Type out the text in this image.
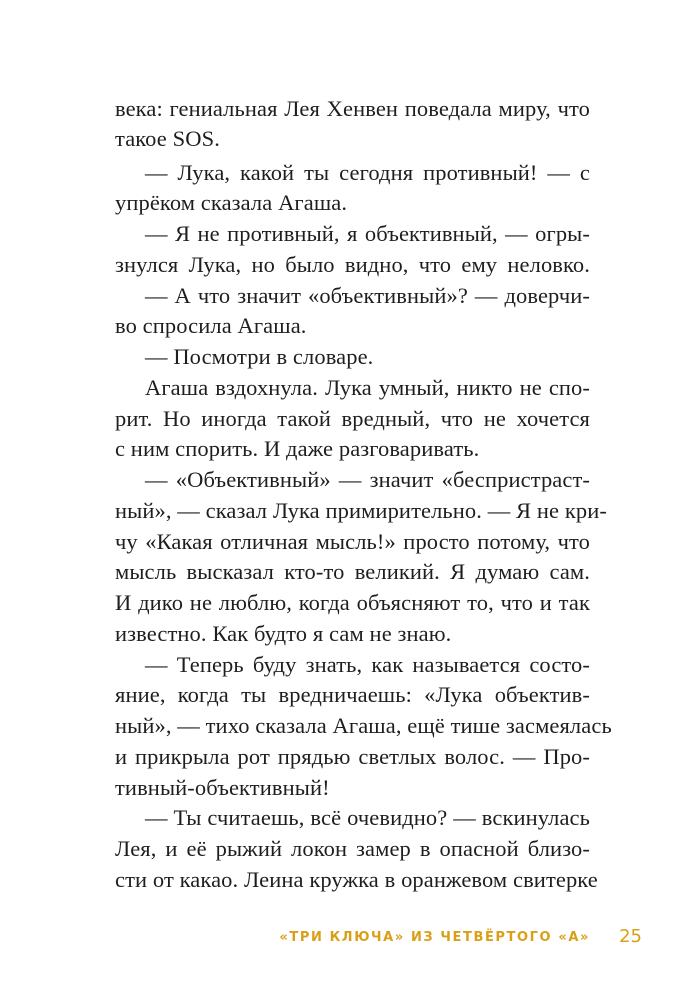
века: гениальная Лея Хенвен поведала миру, что
такое SOS.
— Лука, какой ты сегодня противный! — с
упрёком сказала Агаша.
— Я не противный, я объективный, — огры-
знулся Лука, но было видно, что ему неловко.
— А что значит «объективный»? — доверчи-
во спросила Агаша.
— Посмотри в словаре.
Агаша вздохнула. Лука умный, никто не спо-
рит. Но иногда такой вредный, что не хочется
с ним спорить. И даже разговаривать.
— «Объективный» — значит «беспристраст-
ный», — сказал Лука примирительно. — Я не кри-
чу «Какая отличная мысль!» просто потому, что
мысль высказал кто-то великий. Я думаю сам.
И дико не люблю, когда объясняют то, что и так
известно. Как будто я сам не знаю.
— Теперь буду знать, как называется состо-
яние, когда ты вредничаешь: «Лука объектив-
ный», — тихо сказала Агаша, ещё тише засмеялась
и прикрыла рот прядью светлых волос. — Про-
тивный-объективный!
— Ты считаешь, всё очевидно? — вскинулась
Лея, и её рыжий локон замер в опасной близо-
сти от какао. Леина кружка в оранжевом свитерке
«ТРИ КЛЮЧА» ИЗ ЧЕТВЁРТОГО «А» 25
